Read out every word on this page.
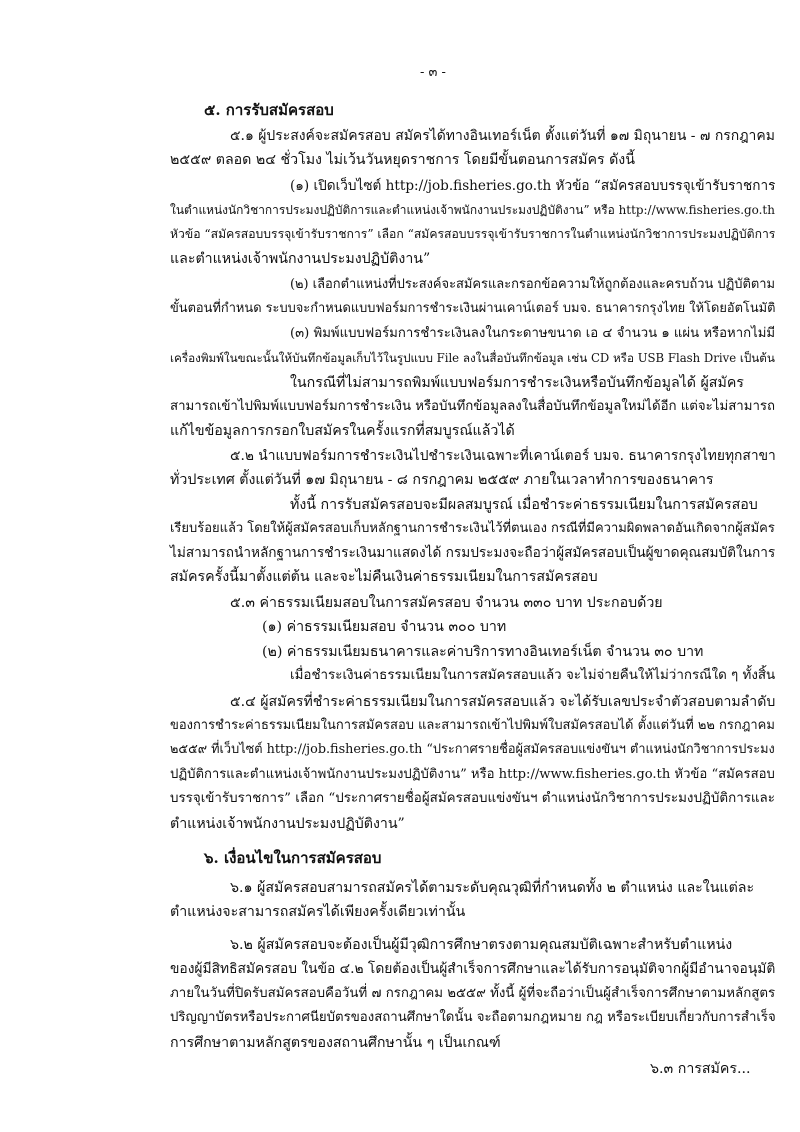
- ๓ -
๕. การรับสมัครสอบ
๕.๑ ผู้ประสงค์จะสมัครสอบ สมัครได้ทางอินเทอร์เน็ต ตั้งแต่วันที่ ๑๗ มิถุนายน - ๗ กรกฎาคม
๒๕๕๙ ตลอด ๒๔ ชั่วโมง ไม่เว้นวันหยุดราชการ โดยมีขั้นตอนการสมัคร ดังนี้
(๑) เปิดเว็บไซต์ http://job.fisheries.go.th หัวข้อ “สมัครสอบบรรจุเข้ารับราชการ
ในตำแหน่งนักวิชาการประมงปฏิบัติการและตำแหน่งเจ้าพนักงานประมงปฏิบัติงาน” หรือ http://www.fisheries.go.th
หัวข้อ “สมัครสอบบรรจุเข้ารับราชการ” เลือก “สมัครสอบบรรจุเข้ารับราชการในตำแหน่งนักวิชาการประมงปฏิบัติการ
และตำแหน่งเจ้าพนักงานประมงปฏิบัติงาน”
(๒) เลือกตำแหน่งที่ประสงค์จะสมัครและกรอกข้อความให้ถูกต้องและครบถ้วน ปฏิบัติตาม
ขั้นตอนที่กำหนด ระบบจะกำหนดแบบฟอร์มการชำระเงินผ่านเคาน์เตอร์ บมจ. ธนาคารกรุงไทย ให้โดยอัตโนมัติ
(๓) พิมพ์แบบฟอร์มการชำระเงินลงในกระดาษขนาด เอ ๔ จำนวน ๑ แผ่น หรือหากไม่มี
เครื่องพิมพ์ในขณะนั้นให้บันทึกข้อมูลเก็บไว้ในรูปแบบ File ลงในสื่อบันทึกข้อมูล เช่น CD หรือ USB Flash Drive เป็นต้น
ในกรณีที่ไม่สามารถพิมพ์แบบฟอร์มการชำระเงินหรือบันทึกข้อมูลได้ ผู้สมัคร
สามารถเข้าไปพิมพ์แบบฟอร์มการชำระเงิน หรือบันทึกข้อมูลลงในสื่อบันทึกข้อมูลใหม่ได้อีก แต่จะไม่สามารถ
แก้ไขข้อมูลการกรอกใบสมัครในครั้งแรกที่สมบูรณ์แล้วได้
๕.๒ นำแบบฟอร์มการชำระเงินไปชำระเงินเฉพาะที่เคาน์เตอร์ บมจ. ธนาคารกรุงไทยทุกสาขา
ทั่วประเทศ ตั้งแต่วันที่ ๑๗ มิถุนายน - ๘ กรกฎาคม ๒๕๕๙ ภายในเวลาทำการของธนาคาร
ทั้งนี้ การรับสมัครสอบจะมีผลสมบูรณ์ เมื่อชำระค่าธรรมเนียมในการสมัครสอบ
เรียบร้อยแล้ว โดยให้ผู้สมัครสอบเก็บหลักฐานการชำระเงินไว้ที่ตนเอง กรณีที่มีความผิดพลาดอันเกิดจากผู้สมัคร
ไม่สามารถนำหลักฐานการชำระเงินมาแสดงได้ กรมประมงจะถือว่าผู้สมัครสอบเป็นผู้ขาดคุณสมบัติในการ
สมัครครั้งนี้มาตั้งแต่ต้น และจะไม่คืนเงินค่าธรรมเนียมในการสมัครสอบ
๕.๓ ค่าธรรมเนียมสอบในการสมัครสอบ จำนวน ๓๓๐ บาท ประกอบด้วย
(๑) ค่าธรรมเนียมสอบ จำนวน ๓๐๐ บาท
(๒) ค่าธรรมเนียมธนาคารและค่าบริการทางอินเทอร์เน็ต จำนวน ๓๐ บาท
เมื่อชำระเงินค่าธรรมเนียมในการสมัครสอบแล้ว จะไม่จ่ายคืนให้ไม่ว่ากรณีใด ๆ ทั้งสิ้น
๕.๔ ผู้สมัครที่ชำระค่าธรรมเนียมในการสมัครสอบแล้ว จะได้รับเลขประจำตัวสอบตามลำดับ
ของการชำระค่าธรรมเนียมในการสมัครสอบ และสามารถเข้าไปพิมพ์ใบสมัครสอบได้ ตั้งแต่วันที่ ๒๒ กรกฎาคม
๒๕๕๙ ที่เว็บไซต์ http://job.fisheries.go.th “ประกาศรายชื่อผู้สมัครสอบแข่งขันฯ ตำแหน่งนักวิชาการประมง
ปฏิบัติการและตำแหน่งเจ้าพนักงานประมงปฏิบัติงาน” หรือ http://www.fisheries.go.th หัวข้อ “สมัครสอบ
บรรจุเข้ารับราชการ” เลือก “ประกาศรายชื่อผู้สมัครสอบแข่งขันฯ ตำแหน่งนักวิชาการประมงปฏิบัติการและ
ตำแหน่งเจ้าพนักงานประมงปฏิบัติงาน”
๖. เงื่อนไขในการสมัครสอบ
๖.๑ ผู้สมัครสอบสามารถสมัครได้ตามระดับคุณวุฒิที่กำหนดทั้ง ๒ ตำแหน่ง และในแต่ละ
ตำแหน่งจะสามารถสมัครได้เพียงครั้งเดียวเท่านั้น
๖.๒ ผู้สมัครสอบจะต้องเป็นผู้มีวุฒิการศึกษาตรงตามคุณสมบัติเฉพาะสำหรับตำแหน่ง
ของผู้มีสิทธิสมัครสอบ ในข้อ ๔.๒ โดยต้องเป็นผู้สำเร็จการศึกษาและได้รับการอนุมัติจากผู้มีอำนาจอนุมัติ
ภายในวันที่ปิดรับสมัครสอบคือวันที่ ๗ กรกฎาคม ๒๕๕๙ ทั้งนี้ ผู้ที่จะถือว่าเป็นผู้สำเร็จการศึกษาตามหลักสูตร
ปริญญาบัตรหรือประกาศนียบัตรของสถานศึกษาใดนั้น จะถือตามกฎหมาย กฎ หรือระเบียบเกี่ยวกับการสำเร็จ
การศึกษาตามหลักสูตรของสถานศึกษานั้น ๆ เป็นเกณฑ์
๖.๓ การสมัคร...
